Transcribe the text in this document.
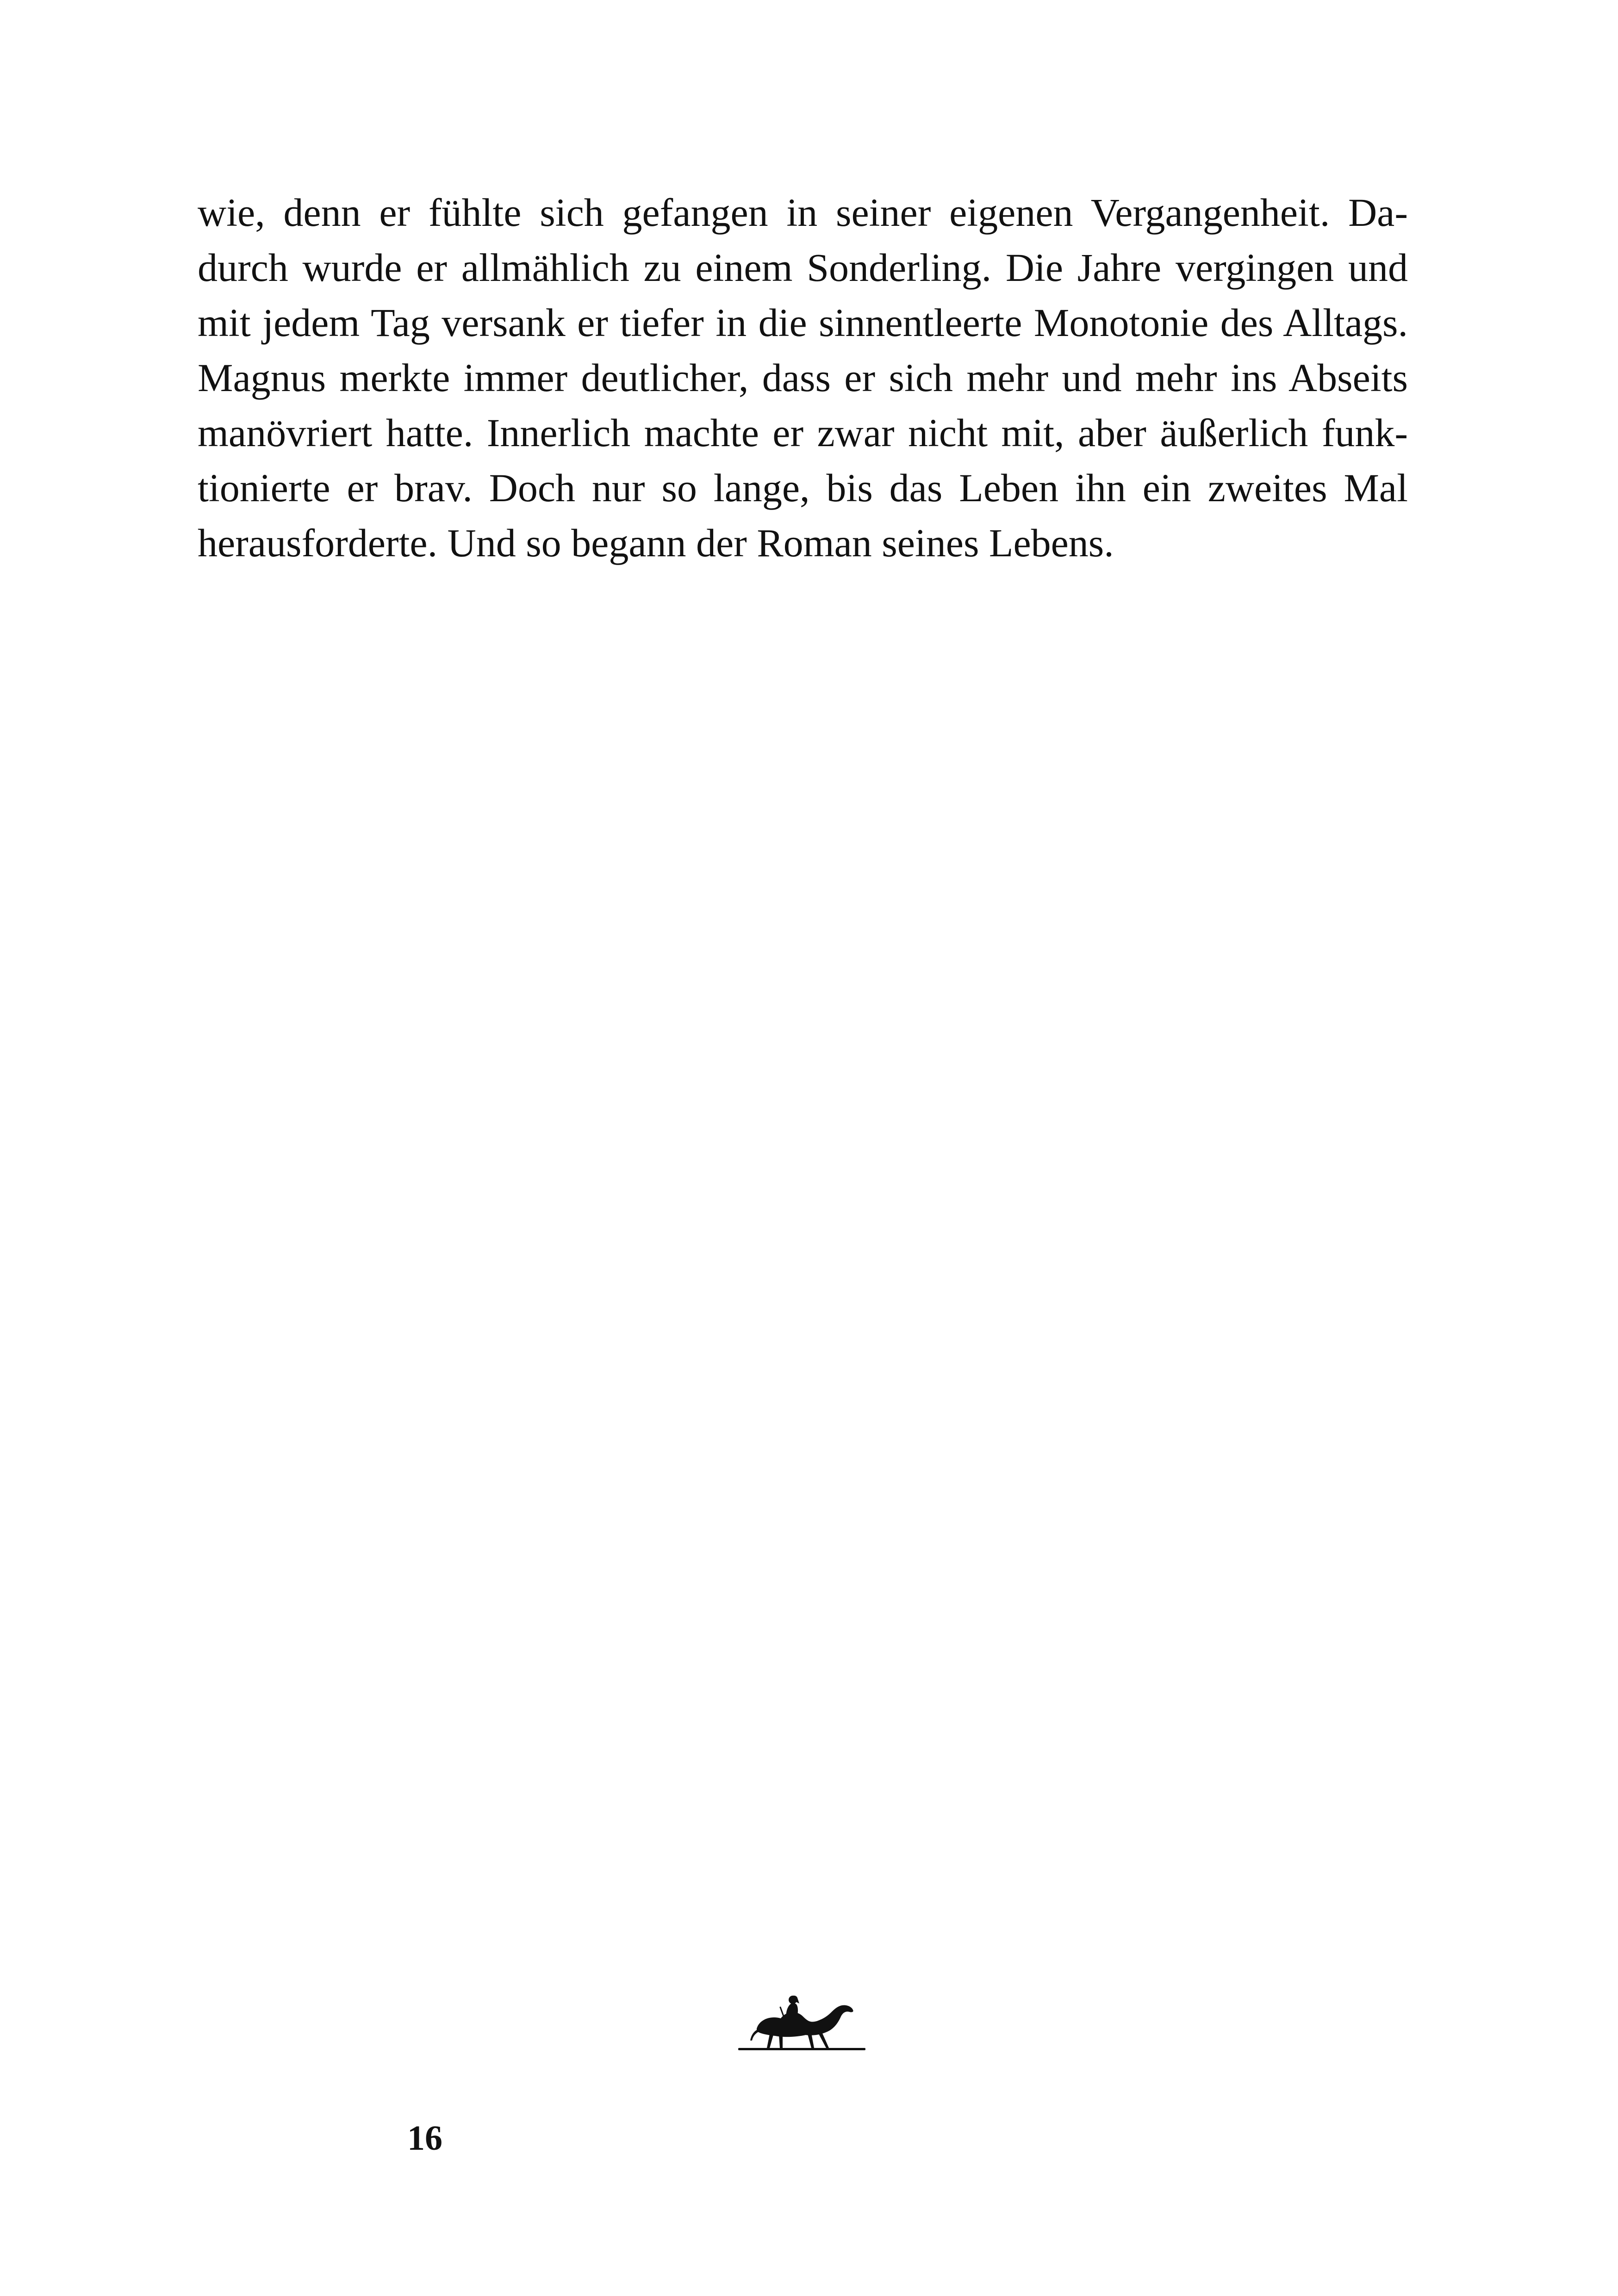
wie, denn er fühlte sich gefangen in seiner eigenen Vergangenheit. Da-
durch wurde er allmählich zu einem Sonderling. Die Jahre vergingen und
mit jedem Tag versank er tiefer in die sinnentleerte Monotonie des Alltags.
Magnus merkte immer deutlicher, dass er sich mehr und mehr ins Abseits
manövriert hatte. Innerlich machte er zwar nicht mit, aber äußerlich funk-
tionierte er brav. Doch nur so lange, bis das Leben ihn ein zweites Mal
herausforderte. Und so begann der Roman seines Lebens.
16
